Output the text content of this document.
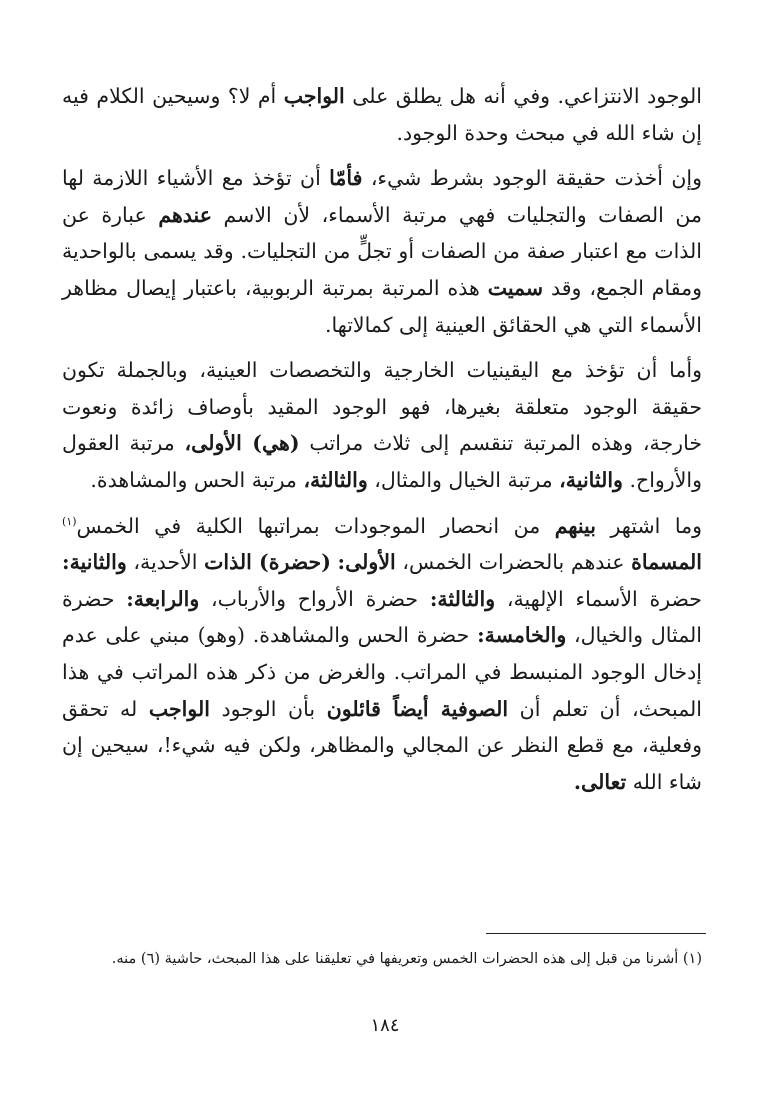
الوجود الانتزاعي. وفي أنه هل يطلق على الواجب أم لا؟ وسيحين الكلام فيه إن شاء الله في مبحث وحدة الوجود.

وإن أخذت حقيقة الوجود بشرط شيء، فأمّا أن تؤخذ مع الأشياء اللازمة لها من الصفات والتجليات فهي مرتبة الأسماء، لأن الاسم عندهم عبارة عن الذات مع اعتبار صفة من الصفات أو تجلٍّ من التجليات. وقد يسمى بالواحدية ومقام الجمع، وقد سميت هذه المرتبة بمرتبة الربوبية، باعتبار إيصال مظاهر الأسماء التي هي الحقائق العينية إلى كمالاتها.

وأما أن تؤخذ مع اليقينيات الخارجية والتخصصات العينية، وبالجملة تكون حقيقة الوجود متعلقة بغيرها، فهو الوجود المقيد بأوصاف زائدة ونعوت خارجة، وهذه المرتبة تنقسم إلى ثلاث مراتب (هي) الأولى، مرتبة العقول والأرواح. والثانية، مرتبة الخيال والمثال، والثالثة، مرتبة الحس والمشاهدة.

وما اشتهر بينهم من انحصار الموجودات بمراتبها الكلية في الخمس$^{(١)}$ المسماة عندهم بالحضرات الخمس، الأولى: (حضرة) الذات الأحدية، والثانية: حضرة الأسماء الإلهية، والثالثة: حضرة الأرواح والأرباب، والرابعة: حضرة المثال والخيال، والخامسة: حضرة الحس والمشاهدة. (وهو) مبني على عدم إدخال الوجود المنبسط في المراتب. والغرض من ذكر هذه المراتب في هذا المبحث، أن تعلم أن الصوفية أيضاً قائلون بأن الوجود الواجب له تحقق وفعلية، مع قطع النظر عن المجالي والمظاهر، ولكن فيه شيء!، سيحين إن شاء الله تعالى.

(١) أشرنا من قبل إلى هذه الحضرات الخمس وتعريفها في تعليقنا على هذا المبحث، حاشية (٦) منه.

١٨٤
